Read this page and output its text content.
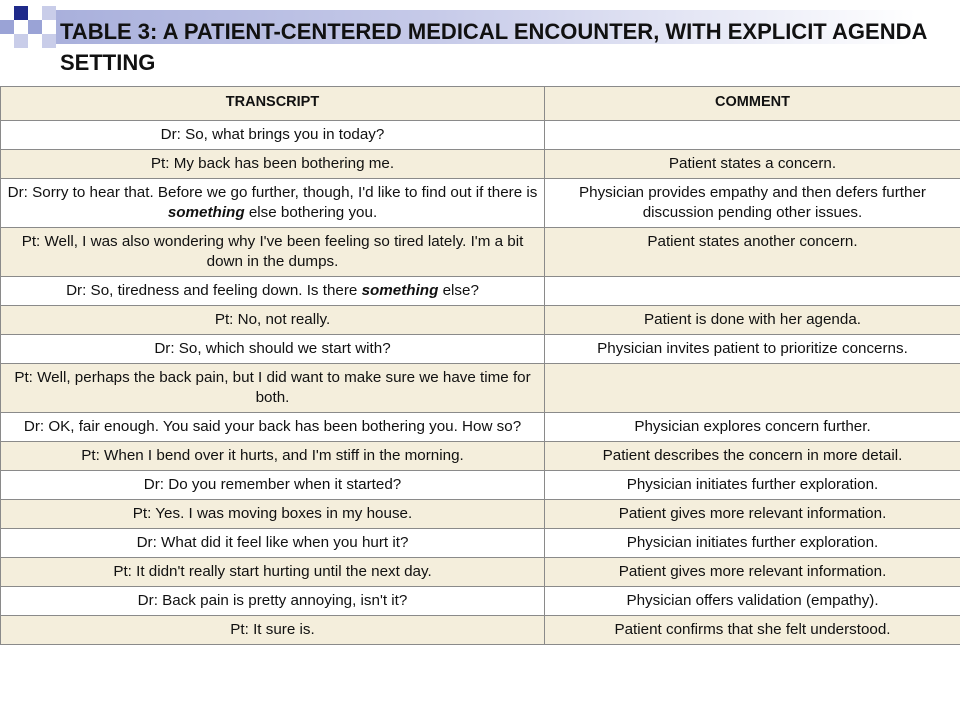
TABLE 3: A PATIENT-CENTERED MEDICAL ENCOUNTER, WITH EXPLICIT AGENDA SETTING
TRANSCRIPT	COMMENT
Dr: So, what brings you in today?	
Pt: My back has been bothering me.	Patient states a concern.
Dr: Sorry to hear that. Before we go further, though, I'd like to find out if there is something else bothering you.	Physician provides empathy and then defers further discussion pending other issues.
Pt: Well, I was also wondering why I've been feeling so tired lately. I'm a bit down in the dumps.	Patient states another concern.
Dr: So, tiredness and feeling down. Is there something else?	
Pt: No, not really.	Patient is done with her agenda.
Dr: So, which should we start with?	Physician invites patient to prioritize concerns.
Pt: Well, perhaps the back pain, but I did want to make sure we have time for both.	
Dr: OK, fair enough. You said your back has been bothering you. How so?	Physician explores concern further.
Pt: When I bend over it hurts, and I'm stiff in the morning.	Patient describes the concern in more detail.
Dr: Do you remember when it started?	Physician initiates further exploration.
Pt: Yes. I was moving boxes in my house.	Patient gives more relevant information.
Dr: What did it feel like when you hurt it?	Physician initiates further exploration.
Pt: It didn't really start hurting until the next day.	Patient gives more relevant information.
Dr: Back pain is pretty annoying, isn't it?	Physician offers validation (empathy).
Pt: It sure is.	Patient confirms that she felt understood.
